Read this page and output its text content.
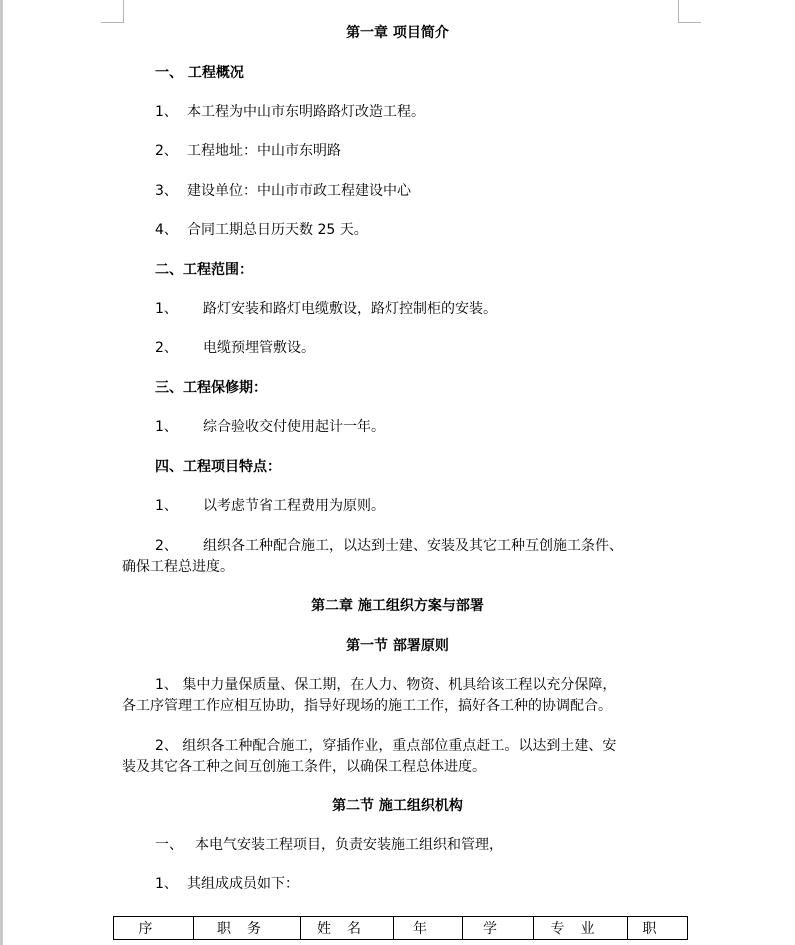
第一章 项目简介
一、 工程概况
1、 本工程为中山市东明路路灯改造工程。
2、 工程地址：中山市东明路
3、 建设单位：中山市市政工程建设中心
4、 合同工期总日历天数 25 天。
二、工程范围：
1、 路灯安装和路灯电缆敷设，路灯控制柜的安装。
2、 电缆预埋管敷设。
三、工程保修期：
1、 综合验收交付使用起计一年。
四、工程项目特点：
1、 以考虑节省工程费用为原则。
2、 组织各工种配合施工，以达到士建、安装及其它工种互创施工条件、
确保工程总进度。
第二章 施工组织方案与部署
第一节 部署原则
1、 集中力量保质量、保工期，在人力、物资、机具给该工程以充分保障，
各工序管理工作应相互协助，指导好现场的施工工作，搞好各工种的协调配合。
2、 组织各工种配合施工，穿插作业，重点部位重点赶工。以达到土建、安
装及其它各工种之间互创施工条件，以确保工程总体进度。
第二节 施工组织机构
一、 本电气安装工程项目，负责安装施工组织和管理，
1、 其组成成员如下：
序	职务	姓名	年	学	专业	职
